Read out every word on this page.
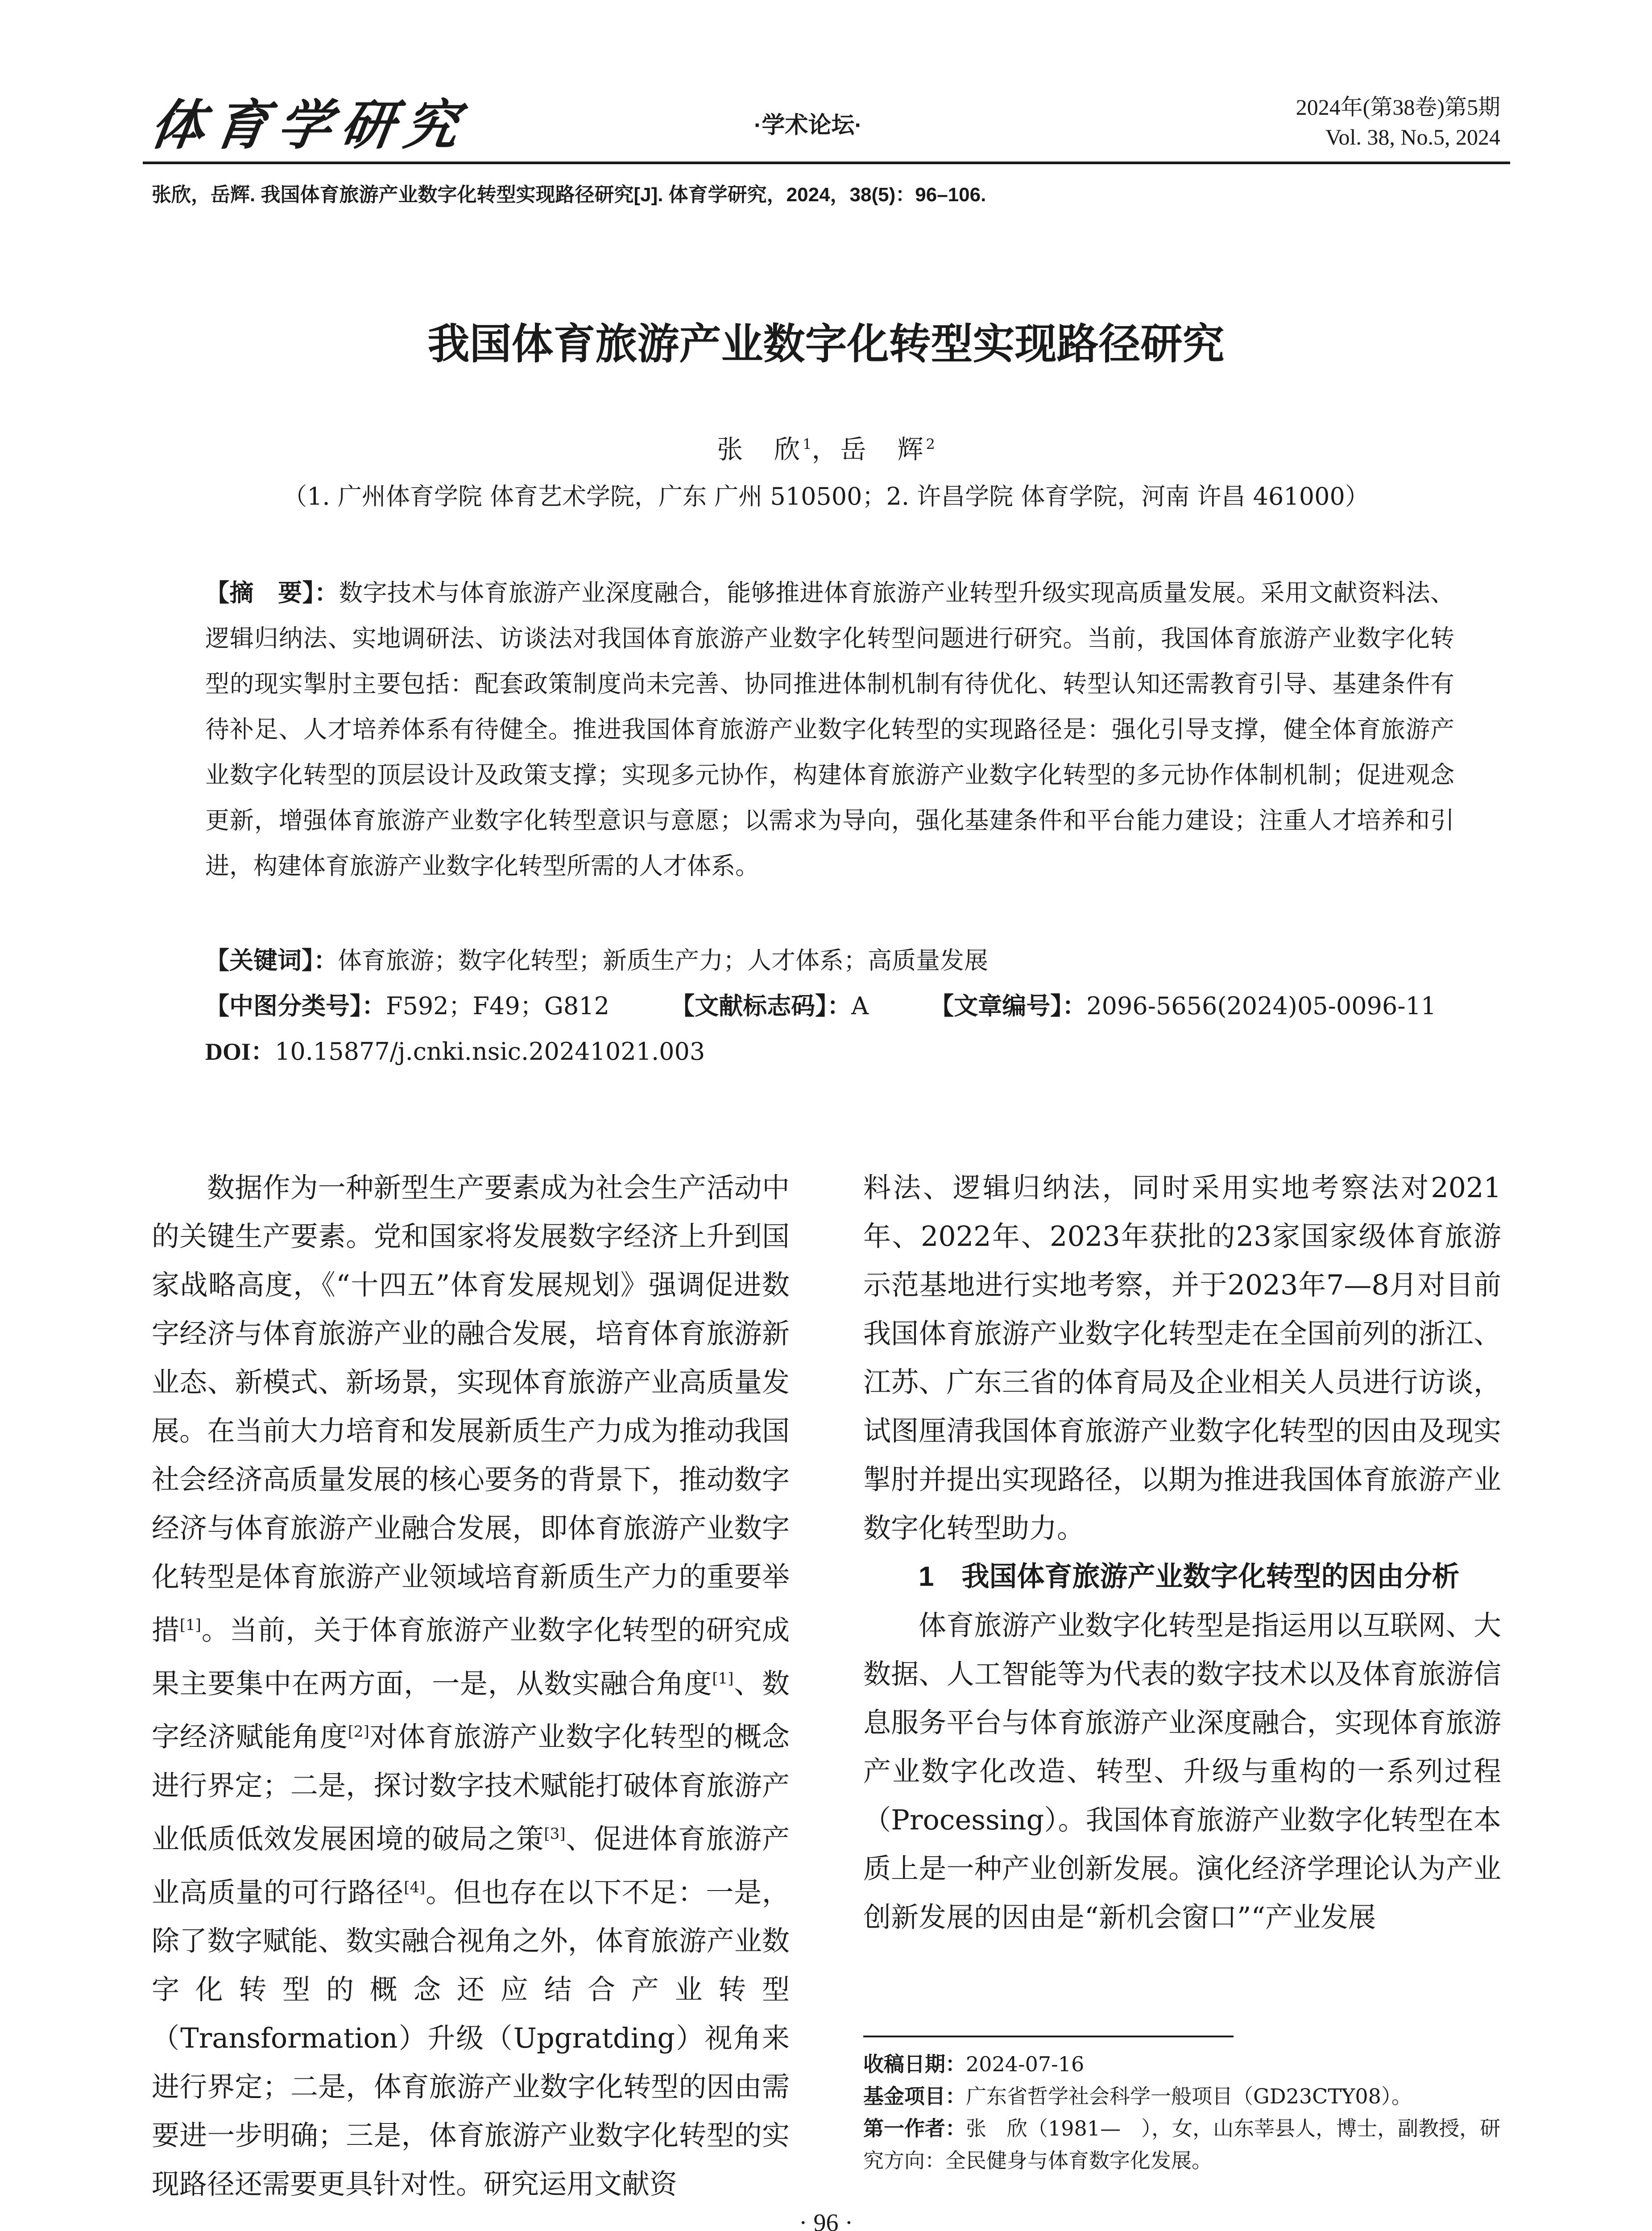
体育学研究	·学术论坛·
2024年(第38卷)第5期
Vol. 38, No.5, 2024
张欣，岳辉. 我国体育旅游产业数字化转型实现路径研究[J]. 体育学研究，2024，38(5)：96–106.
我国体育旅游产业数字化转型实现路径研究
张　欣$^1$，岳　辉$^2$
（1. 广州体育学院 体育艺术学院，广东 广州 510500；2. 许昌学院 体育学院，河南 许昌 461000）
【摘　要】：数字技术与体育旅游产业深度融合，能够推进体育旅游产业转型升级实现高质量发展。采用文献资料法、逻辑归纳法、实地调研法、访谈法对我国体育旅游产业数字化转型问题进行研究。当前，我国体育旅游产业数字化转型的现实掣肘主要包括：配套政策制度尚未完善、协同推进体制机制有待优化、转型认知还需教育引导、基建条件有待补足、人才培养体系有待健全。推进我国体育旅游产业数字化转型的实现路径是：强化引导支撑，健全体育旅游产业数字化转型的顶层设计及政策支撑；实现多元协作，构建体育旅游产业数字化转型的多元协作体制机制；促进观念更新，增强体育旅游产业数字化转型意识与意愿；以需求为导向，强化基建条件和平台能力建设；注重人才培养和引进，构建体育旅游产业数字化转型所需的人才体系。
【关键词】：体育旅游；数字化转型；新质生产力；人才体系；高质量发展
【中图分类号】：F592；F49；G812	【文献标志码】：A	【文章编号】：2096-5656(2024)05-0096-11
DOI：10.15877/j.cnki.nsic.20241021.003

数据作为一种新型生产要素成为社会生产活动中的关键生产要素。党和国家将发展数字经济上升到国家战略高度，《“十四五”体育发展规划》强调促进数字经济与体育旅游产业的融合发展，培育体育旅游新业态、新模式、新场景，实现体育旅游产业高质量发展。在当前大力培育和发展新质生产力成为推动我国社会经济高质量发展的核心要务的背景下，推动数字经济与体育旅游产业融合发展，即体育旅游产业数字化转型是体育旅游产业领域培育新质生产力的重要举措[1]。当前，关于体育旅游产业数字化转型的研究成果主要集中在两方面，一是，从数实融合角度[1]、数字经济赋能角度[2]对体育旅游产业数字化转型的概念进行界定；二是，探讨数字技术赋能打破体育旅游产业低质低效发展困境的破局之策[3]、促进体育旅游产业高质量的可行路径[4]。但也存在以下不足：一是，除了数字赋能、数实融合视角之外，体育旅游产业数字化转型的概念还应结合产业转型（Transformation）升级（Upgratding）视角来进行界定；二是，体育旅游产业数字化转型的因由需要进一步明确；三是，体育旅游产业数字化转型的实现路径还需要更具针对性。研究运用文献资

料法、逻辑归纳法，同时采用实地考察法对2021年、2022年、2023年获批的23家国家级体育旅游示范基地进行实地考察，并于2023年7—8月对目前我国体育旅游产业数字化转型走在全国前列的浙江、江苏、广东三省的体育局及企业相关人员进行访谈，试图厘清我国体育旅游产业数字化转型的因由及现实掣肘并提出实现路径，以期为推进我国体育旅游产业数字化转型助力。

1　我国体育旅游产业数字化转型的因由分析

体育旅游产业数字化转型是指运用以互联网、大数据、人工智能等为代表的数字技术以及体育旅游信息服务平台与体育旅游产业深度融合，实现体育旅游产业数字化改造、转型、升级与重构的一系列过程（Processing）。我国体育旅游产业数字化转型在本质上是一种产业创新发展。演化经济学理论认为产业创新发展的因由是“新机会窗口”“产业发展

收稿日期：2024-07-16
基金项目：广东省哲学社会科学一般项目（GD23CTY08）。
第一作者：张　欣（1981—　），女，山东莘县人，博士，副教授，研究方向：全民健身与体育数字化发展。
· 96 ·
